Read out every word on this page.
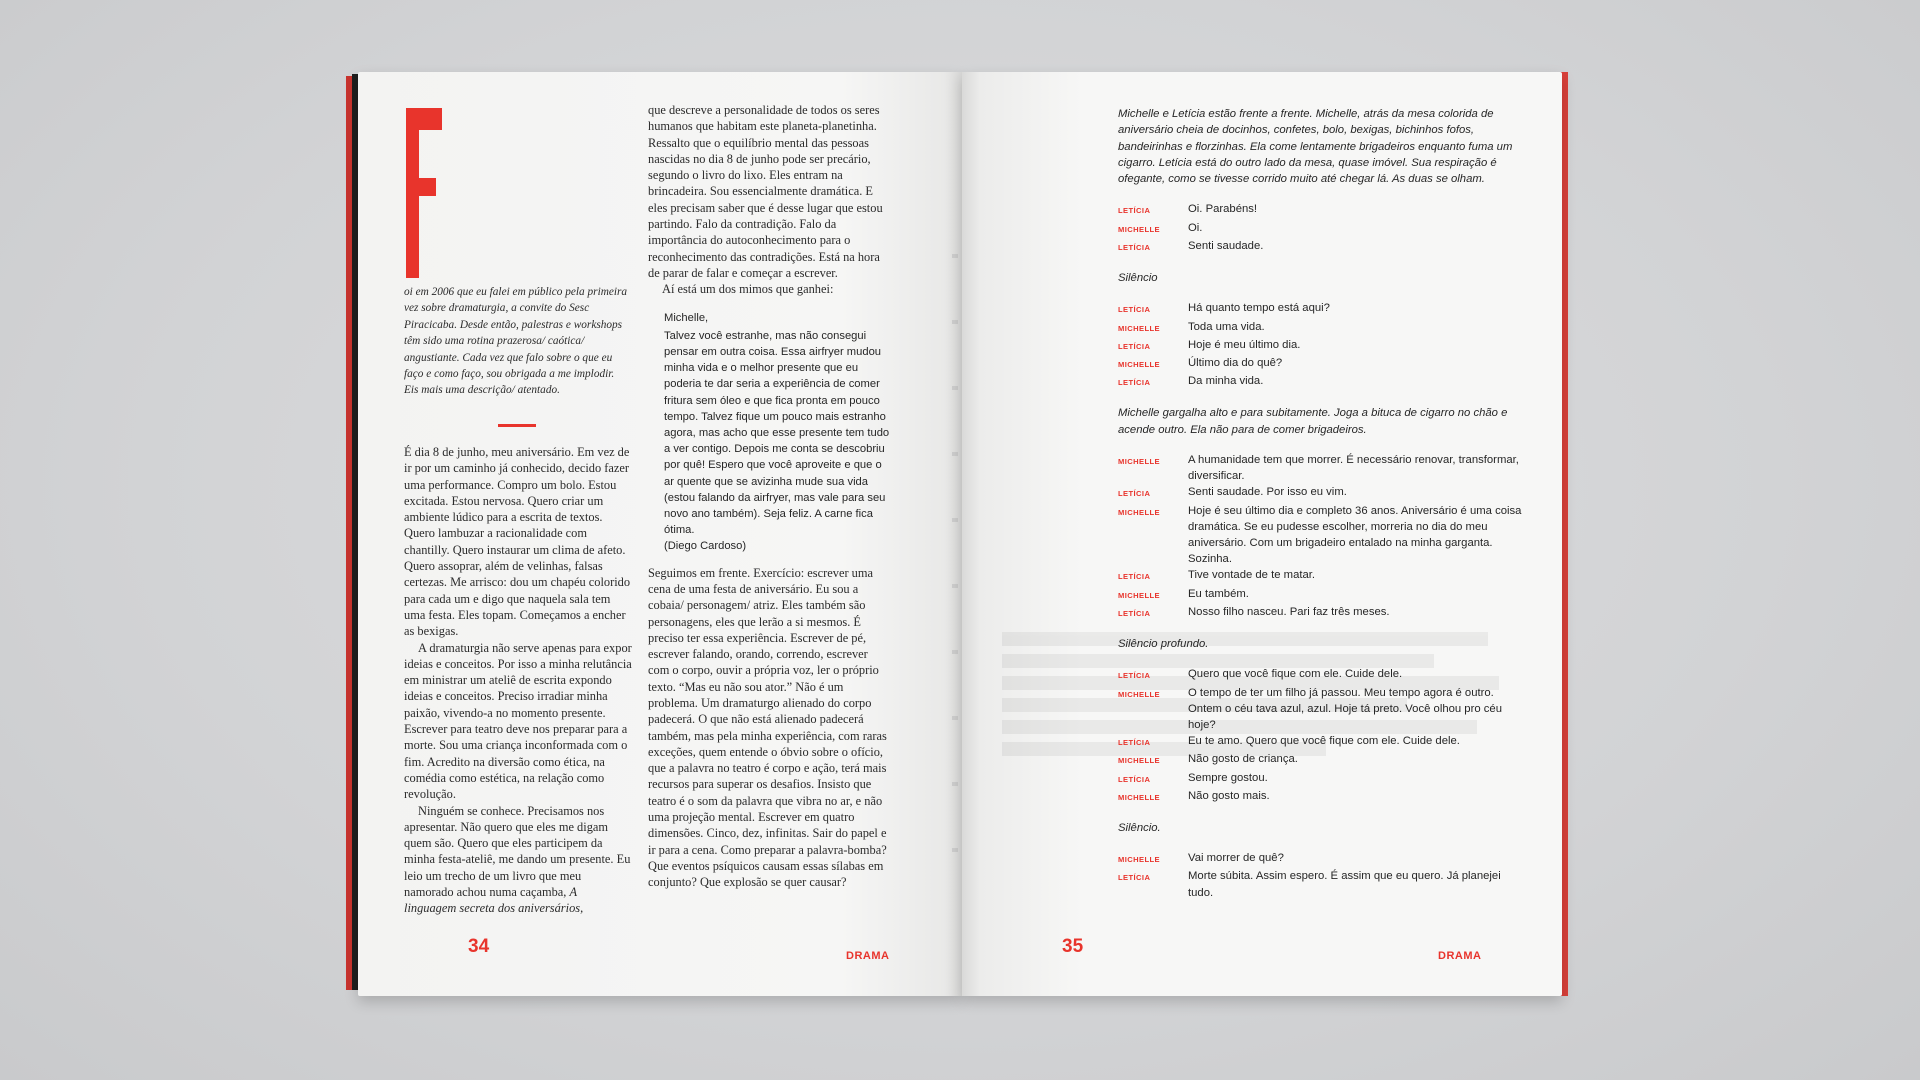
oi em 2006 que eu falei em público pela primeira vez sobre dramaturgia, a convite do Sesc Piracicaba. Desde então, palestras e workshops têm sido uma rotina prazerosa/ caótica/ angustiante. Cada vez que falo sobre o que eu faço e como faço, sou obrigada a me implodir. Eis mais uma descrição/ atentado.

É dia 8 de junho, meu aniversário. Em vez de ir por um caminho já conhecido, decido fazer uma performance. Compro um bolo. Estou excitada. Estou nervosa. Quero criar um ambiente lúdico para a escrita de textos. Quero lambuzar a racionalidade com chantilly. Quero instaurar um clima de afeto. Quero assoprar, além de velinhas, falsas certezas. Me arrisco: dou um chapéu colorido para cada um e digo que naquela sala tem uma festa. Eles topam. Começamos a encher as bexigas.

A dramaturgia não serve apenas para expor ideias e conceitos. Por isso a minha relutância em ministrar um ateliê de escrita expondo ideias e conceitos. Preciso irradiar minha paixão, vivendo-a no momento presente. Escrever para teatro deve nos preparar para a morte. Sou uma criança inconformada com o fim. Acredito na diversão como ética, na comédia como estética, na relação como revolução.

Ninguém se conhece. Precisamos nos apresentar. Não quero que eles me digam quem são. Quero que eles participem da minha festa-ateliê, me dando um presente. Eu leio um trecho de um livro que meu namorado achou numa caçamba, A linguagem secreta dos aniversários,

que descreve a personalidade de todos os seres humanos que habitam este planeta-planetinha. Ressalto que o equilíbrio mental das pessoas nascidas no dia 8 de junho pode ser precário, segundo o livro do lixo. Eles entram na brincadeira. Sou essencialmente dramática. E eles precisam saber que é desse lugar que estou partindo. Falo da contradição. Falo da importância do autoconhecimento para o reconhecimento das contradições. Está na hora de parar de falar e começar a escrever.

Aí está um dos mimos que ganhei:

Michelle,
Talvez você estranhe, mas não consegui pensar em outra coisa. Essa airfryer mudou minha vida e o melhor presente que eu poderia te dar seria a experiência de comer fritura sem óleo e que fica pronta em pouco tempo. Talvez fique um pouco mais estranho agora, mas acho que esse presente tem tudo a ver contigo. Depois me conta se descobriu por quê! Espero que você aproveite e que o ar quente que se avizinha mude sua vida (estou falando da airfryer, mas vale para seu novo ano também). Seja feliz. A carne fica ótima.
(Diego Cardoso)

Seguimos em frente. Exercício: escrever uma cena de uma festa de aniversário. Eu sou a cobaia/ personagem/ atriz. Eles também são personagens, eles que lerão a si mesmos. É preciso ter essa experiência. Escrever de pé, escrever falando, orando, correndo, escrever com o corpo, ouvir a própria voz, ler o próprio texto. “Mas eu não sou ator.” Não é um problema. Um dramaturgo alienado do corpo padecerá. O que não está alienado padecerá também, mas pela minha experiência, com raras exceções, quem entende o óbvio sobre o ofício, que a palavra no teatro é corpo e ação, terá mais recursos para superar os desafios. Insisto que teatro é o som da palavra que vibra no ar, e não uma projeção mental. Escrever em quatro dimensões. Cinco, dez, infinitas. Sair do papel e ir para a cena. Como preparar a palavra-bomba? Que eventos psíquicos causam essas sílabas em conjunto? Que explosão se quer causar?

34	DRAMA

Michelle e Letícia estão frente a frente. Michelle, atrás da mesa colorida de aniversário cheia de docinhos, confetes, bolo, bexigas, bichinhos fofos, bandeirinhas e florzinhas. Ela come lentamente brigadeiros enquanto fuma um cigarro. Letícia está do outro lado da mesa, quase imóvel. Sua respiração é ofegante, como se tivesse corrido muito até chegar lá. As duas se olham.

LETÍCIA	Oi. Parabéns!
MICHELLE	Oi.
LETÍCIA	Senti saudade.

Silêncio

LETÍCIA	Há quanto tempo está aqui?
MICHELLE	Toda uma vida.
LETÍCIA	Hoje é meu último dia.
MICHELLE	Último dia do quê?
LETÍCIA	Da minha vida.

Michelle gargalha alto e para subitamente. Joga a bituca de cigarro no chão e acende outro. Ela não para de comer brigadeiros.

MICHELLE	A humanidade tem que morrer. É necessário renovar, transformar, diversificar.
LETÍCIA	Senti saudade. Por isso eu vim.
MICHELLE	Hoje é seu último dia e completo 36 anos. Aniversário é uma coisa dramática. Se eu pudesse escolher, morreria no dia do meu aniversário. Com um brigadeiro entalado na minha garganta. Sozinha.
LETÍCIA	Tive vontade de te matar.
MICHELLE	Eu também.
LETÍCIA	Nosso filho nasceu. Pari faz três meses.

Silêncio profundo.

LETÍCIA	Quero que você fique com ele. Cuide dele.
MICHELLE	O tempo de ter um filho já passou. Meu tempo agora é outro. Ontem o céu tava azul, azul. Hoje tá preto. Você olhou pro céu hoje?
LETÍCIA	Eu te amo. Quero que você fique com ele. Cuide dele.
MICHELLE	Não gosto de criança.
LETÍCIA	Sempre gostou.
MICHELLE	Não gosto mais.

Silêncio.

MICHELLE	Vai morrer de quê?
LETÍCIA	Morte súbita. Assim espero. É assim que eu quero. Já planejei tudo.
35	DRAMA
